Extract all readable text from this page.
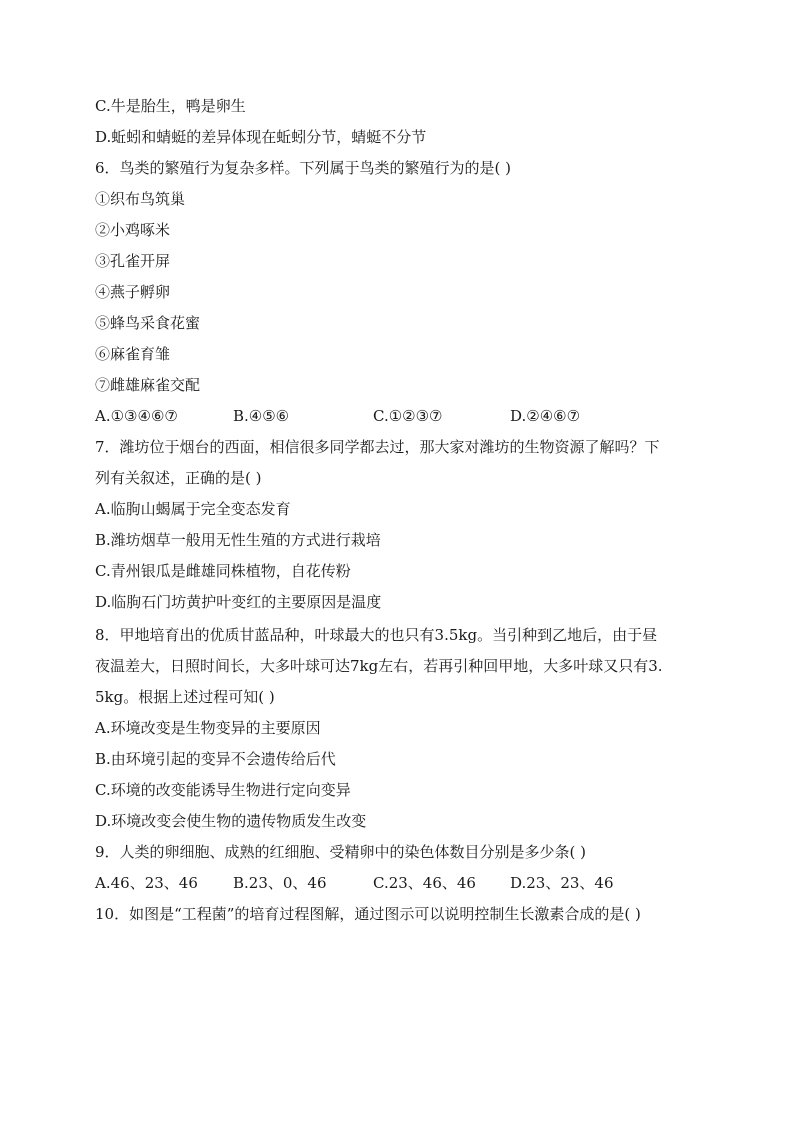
C.牛是胎生，鸭是卵生
D.蚯蚓和蜻蜓的差异体现在蚯蚓分节，蜻蜓不分节
6．鸟类的繁殖行为复杂多样。下列属于鸟类的繁殖行为的是( )
①织布鸟筑巢
②小鸡啄米
③孔雀开屏
④燕子孵卵
⑤蜂鸟采食花蜜
⑥麻雀育雏
⑦雌雄麻雀交配
A.①③④⑥⑦	B.④⑤⑥	C.①②③⑦	D.②④⑥⑦
7．潍坊位于烟台的西面，相信很多同学都去过，那大家对潍坊的生物资源了解吗？下
列有关叙述，正确的是( )
A.临朐山蝎属于完全变态发育
B.潍坊烟草一般用无性生殖的方式进行栽培
C.青州银瓜是雌雄同株植物，自花传粉
D.临朐石门坊黄护叶变红的主要原因是温度
8．甲地培育出的优质甘蓝品种，叶球最大的也只有3.5kg。当引种到乙地后，由于昼
夜温差大，日照时间长，大多叶球可达7kg左右，若再引种回甲地，大多叶球又只有3.
5kg。根据上述过程可知( )
A.环境改变是生物变异的主要原因
B.由环境引起的变异不会遗传给后代
C.环境的改变能诱导生物进行定向变异
D.环境改变会使生物的遗传物质发生改变
9．人类的卵细胞、成熟的红细胞、受精卵中的染色体数目分别是多少条( )
A.46、23、46 B.23、0、46	C.23、46、46 D.23、23、46
10．如图是“工程菌”的培育过程图解，通过图示可以说明控制生长激素合成的是( )
